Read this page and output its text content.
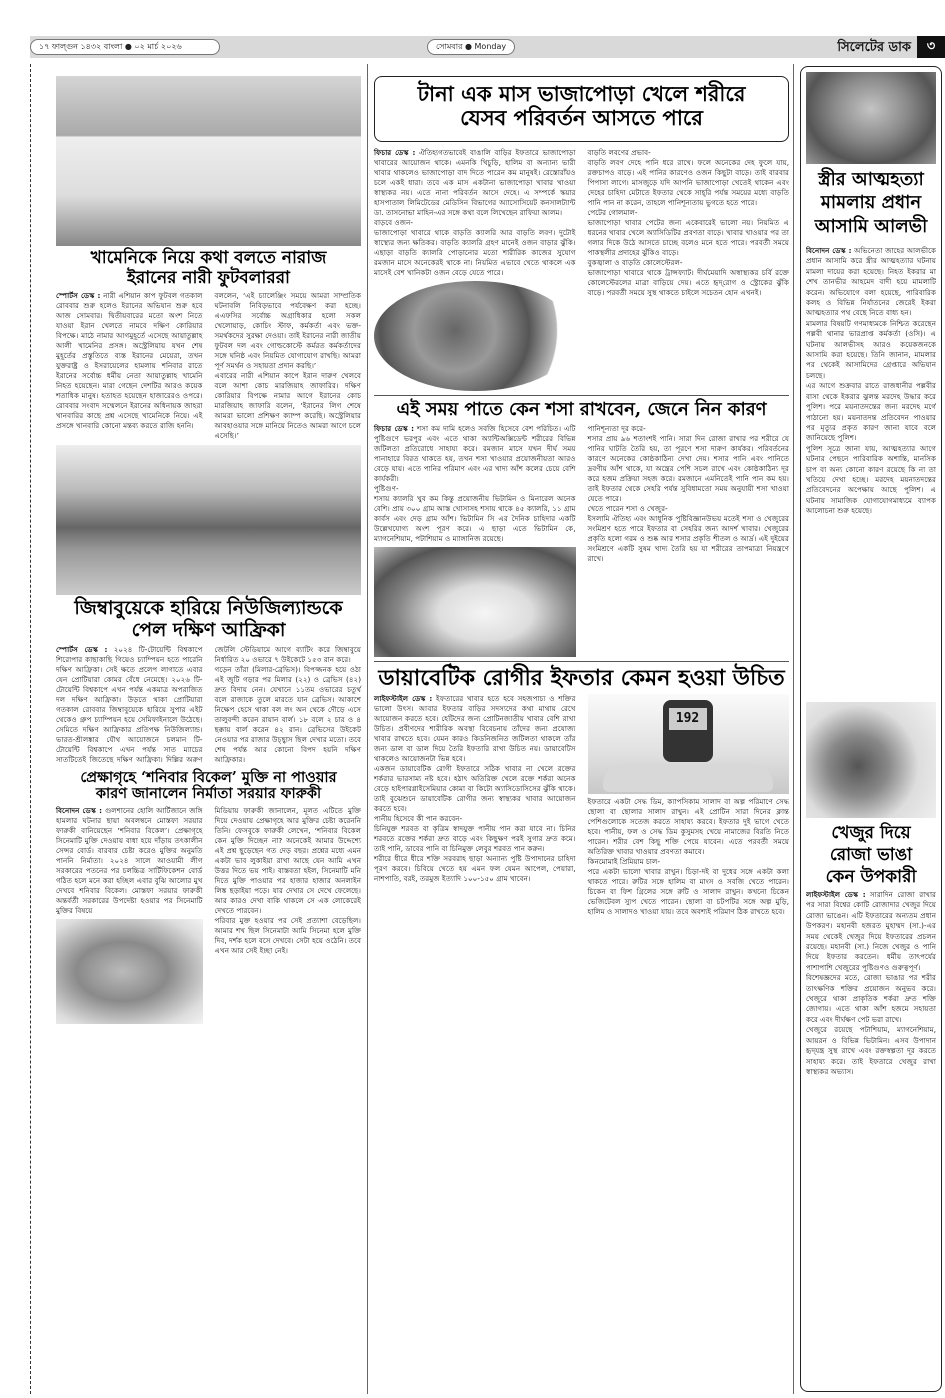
১৭ ফাল্গুন ১৪৩২ বাংলা ● ০২ মার্চ ২০২৬	সোমবার ● Monday	সিলেটের ডাক	৩
খামেনিকে নিয়ে কথা বলতে নারাজ
ইরানের নারী ফুটবলাররা

স্পোর্টস ডেস্ক : নারী এশিয়ান কাপ ফুটবল গতকাল রোববার শুরু হলেও ইরানের অভিযান শুরু হবে আজ সোমবার। দ্বিতীয়বারের মতো অংশ নিতে যাওয়া ইরান খেলতে নামবে দক্ষিণ কোরিয়ার বিপক্ষে। মাঠে নামার আগমুহূর্তে এসেছে আয়াতুল্লাহ আলী খামেনির প্রসঙ্গ। অস্ট্রেলিয়ায় যখন শেষ মুহূর্তের প্রস্তুতিতে ব্যস্ত ইরানের মেয়েরা, তখন যুক্তরাষ্ট্র ও ইসরায়েলের হামলায় শনিবার রাতে ইরানের সর্বোচ্চ ধর্মীয় নেতা আয়াতুল্লাহ খামেনি নিহত হয়েছেন। মারা গেছেন দেশটির আরও কয়েক শতাধিক মানুষ। হতাহত হয়েছেন হাজারেরও ওপরে। রোববার সংবাদ সম্মেলনে ইরানের অধিনায়ক জাহরা খানবারির কাছে প্রশ্ন এসেছে খামেনিকে নিয়ে। এই প্রসঙ্গে খানবারি কোনো মন্তব্য করতে রাজি হননি।

বললেন, ‘এই চ্যালেঞ্জিং সময়ে আমরা সাম্প্রতিক ঘটনাবলি নিবিড়ভাবে পর্যবেক্ষণ করা হচ্ছে। এএফসির সর্বোচ্চ অগ্রাধিকার হলো সকল খেলোয়াড়, কোচিং স্টাফ, কর্মকর্তা এবং ভক্ত-সমর্থকদের সুরক্ষা দেওয়া। তাই ইরানের নারী জাতীয় ফুটবল দল এবং গোল্ডকোস্টে কর্মরত কর্মকর্তাদের সঙ্গে ঘনিষ্ঠ এবং নিয়মিত যোগাযোগ রাখছি। আমরা পূর্ণ সমর্থন ও সহায়তা প্রদান করছি।’

এবারের নারী এশিয়ান কাপে ইরান দারুণ খেলবে বলে আশা কোচ মারজিয়াহ জাফারির। দক্ষিণ কোরিয়ার বিপক্ষে নামার আগে ইরানের কোচ মারজিয়াহ জাফারি বলেন, ‘ইরানের লিগ শেষে আমরা ভালো প্রশিক্ষণ ক্যাম্প করেছি। অস্ট্রেলিয়ার আবহাওয়ার সঙ্গে মানিয়ে নিতেও আমরা আগে চলে এসেছি।’

জিম্বাবুয়েকে হারিয়ে নিউজিল্যান্ডকে
পেল দক্ষিণ আফ্রিকা

স্পোর্টস ডেস্ক : ২০২৪ টি-টোয়েন্টি বিশ্বকাপে শিরোপার কাছাকাছি গিয়েও চ্যাম্পিয়ন হতে পারেনি দক্ষিণ আফ্রিকা। সেই ক্ষতে প্রলেপ লাগাতে এবার যেন প্রোটিয়ারা কোমর বেঁধে নেমেছে। ২০২৬ টি-টোয়েন্টি বিশ্বকাপে এখন পর্যন্ত একমাত্র অপরাজিত দল দক্ষিণ আফ্রিকা। উড়তে থাকা প্রোটিয়ারা গতকাল রোববার জিম্বাবুয়েকে হারিয়ে সুপার এইট থেকেও গ্রুপ চ্যাম্পিয়ন হয়ে সেমিফাইনালে উঠেছে। সেমিতে দক্ষিণ আফ্রিকার প্রতিপক্ষ নিউজিল্যান্ড। ভারত-শ্রীলঙ্কার যৌথ আয়োজনে চলমান টি-টোয়েন্টি বিশ্বকাপে এখন পর্যন্ত সাত ম্যাচের সাতটিতেই জিতেছে দক্ষিণ আফ্রিকা। দিল্লির অরুণ জেটলি স্টেডিয়ামে আগে ব্যাটিং করে জিম্বাবুয়ে নির্ধারিত ২০ ওভারে ৭ উইকেটে ১৫৩ রান করে।

গড়েন তাঁরা (মিলার-ব্রেভিস)। বিপজ্জনক হয়ে ওঠা এই জুটি গড়ার পর মিলার (২২) ও ব্রেভিস (৪২) দ্রুত বিদায় নেন। যেখানে ১১তম ওভারের চতুর্থ বলে রাজাকে তুলে মারতে যান ব্রেভিস। আকাশে নিক্ষেপ হেসে থাকা বল লং অন থেকে দৌড়ে এসে তালুবন্দী করেন রায়ান বার্ল। ১৮ বলে ২ চার ও ৪ ছক্কায় বার্ল করেন ৪২ রান। ব্রেভিসের উইকেট নেওয়ার পর রাজার উচ্ছ্বাস ছিল দেখার মতো। তবে শেষ পর্যন্ত আর কোনো বিপদ হয়নি দক্ষিণ আফ্রিকার।

প্রেক্ষাগৃহে ‘শনিবার বিকেল’ মুক্তি না পাওয়ার
কারণ জানালেন নির্মাতা সরয়ার ফারুকী

বিনোদন ডেস্ক : গুলশানের হোলি আর্টিজানে জঙ্গি হামলার ঘটনার ছায়া অবলম্বনে মোস্তফা সরয়ার ফারুকী বানিয়েছেন ‘শনিবার বিকেল’। প্রেক্ষাগৃহে সিনেমাটি মুক্তি দেওয়ায় বাধা হয়ে দাঁড়ায় তৎকালীন সেন্সর বোর্ড। বারবার চেষ্টা করেও মুক্তির অনুমতি পাননি নির্মাতা। ২০২৪ সালে আওয়ামী লীগ সরকারের পতনের পর চলচ্চিত্র সার্টিফিকেশন বোর্ড গঠিত হলে মনে করা হচ্ছিল এবার বুঝি আলোর মুখ দেখবে শনিবার বিকেল। মোস্তফা সরয়ার ফারুকী অন্তর্বর্তী সরকারের উপদেষ্টা হওয়ার পর সিনেমাটি মুক্তির বিষয়ে

মিডিয়ায় ফারুকী জানালেন, মূলত এটিতে মুক্তি দিয়ে দেওয়ায় প্রেক্ষাগৃহে আর মুক্তির চেষ্টা করেননি তিনি। ফেসবুকে ফারুকী লেখেন, ‘শনিবার বিকেল কেন মুক্তি দিচ্ছেন না? অনেকেই আমার উদ্দেশ্যে এই প্রশ্ন ছুড়েছেন গত দেড় বছর। প্রশ্নের মধ্যে এমন একটা ভাব লুকাইয়া রাখা আছে যেন আমি এখন উত্তর দিতে ভয় পাই। বাস্তবতা হইল, সিনেমাটি মনি দিতে মুক্তি পাওয়ার পর হাজার হাজার অনলাইন লিঙ্ক ছড়াইয়া পড়ে। যার দেখার সে দেখে ফেলেছে। আর কারও দেখা বাকি থাকলে সে এক লোকেরেই দেখতে পারবেন।

পরিবার মুক্ত হওয়ার পর সেই প্রত্যাশা বেড়েছিল। আমার শখ ছিল সিনেমাটা আমি সিনেমা হলে মুক্তি দিব, দর্শক হলে বসে দেখবে। সেটা হয়ে ওঠেনি। তবে এখন আর সেই ইচ্ছা নেই।

টানা এক মাস ভাজাপোড়া খেলে শরীরে
যেসব পরিবর্তন আসতে পারে

ফিচার ডেস্ক : ঐতিহ্যগতভাবেই বাঙালি বাড়ির ইফতারে ভাজাপোড়া খাবারের আয়োজন থাকে। এমনকি খিচুড়ি, হালিম বা অন্যান্য ভারী খাবার থাকলেও ভাজাপোড়া বাদ দিতে পারেন কম মানুষই। রেস্তোরাঁয়ও চলে একই ধারা। তবে এক মাস একটানা ভাজাপোড়া খাবার খাওয়া স্বাস্থ্যকর নয়। এতে নানা পরিবর্তন আসে দেহে। এ সম্পর্কে স্কয়ার হাসপাতাল লিমিটেডের মেডিসিন বিভাগের অ্যাসোসিয়েট কনসালট্যান্ট ডা. তাসনোভা মাহিন-এর সঙ্গে কথা বলে লিখেছেন রাফিয়া আলম।

বাড়বে ওজন-

ভাজাপোড়া খাবারে থাকে বাড়তি ক্যালরি আর বাড়তি লবণ। দুটোই স্বাস্থ্যের জন্য ক্ষতিকর। বাড়তি ক্যালরি গ্রহণ মানেই ওজন বাড়ার ঝুঁকি। এছাড়া বাড়তি ক্যালরি পোড়ানোর মতো শারীরিক কাজের সুযোগ রমজান মাসে অনেকেরই থাকে না। নিয়মিত এভাবে খেতে থাকলে এক মাসেই বেশ খানিকটা ওজন বেড়ে যেতে পারে।

বাড়তি লবণের প্রভাব-

বাড়তি লবণ দেহে পানি ধরে রাখে। ফলে অনেকের দেহ ফুলে যায়, রক্তচাপও বাড়ে। এই পানির কারণেও ওজন কিছুটা বাড়ে। তাই বারবার পিপাসা লাগে। মাসজুড়ে যদি আপনি ভাজাপোড়া খেতেই থাকেন এবং দেহের চাহিদা মেটাতে ইফতার থেকে সাহ্‌রি পর্যন্ত সময়ের মধ্যে বাড়তি পানি পান না করেন, তাহলে পানিশূন্যতায় ভুগতে হতে পারে।

পেটের গোলমাল-

ভাজাপোড়া খাবার পেটের জন্য একেবারেই ভালো নয়। নিয়মিত এ ধরনের খাবার খেলে অ্যাসিডিটির প্রবণতা বাড়ে। খাবার খাওয়ার পর তা গলার দিকে উঠে আসতে চাচ্ছে বলেও মনে হতে পারে। পরবর্তী সময়ে পাকস্থলীর প্রদাহের ঝুঁকিও বাড়ে।

বুকজ্বালা ও বাড়তি কোলেস্টেরল-

ভাজাপোড়া খাবারে থাকে ট্রান্সফ্যাট। দীর্ঘমেয়াদি অস্বাস্থ্যকর চর্বি রক্তে কোলেস্টেরলের মাত্রা বাড়িয়ে দেয়। এতে হৃদ্‌রোগ ও স্ট্রোকের ঝুঁকি বাড়ে। পরবর্তী সময়ে সুস্থ থাকতে চাইলে সচেতন হোন এখনই।

এই সময় পাতে কেন শসা রাখবেন, জেনে নিন কারণ

ফিচার ডেস্ক : শসা কম দামি হলেও সবজি হিসেবে বেশ পরিচিত। এটি পুষ্টিগুণে ভরপুর এবং এতে থাকা অ্যান্টিঅক্সিডেন্ট শরীরের বিভিন্ন জটিলতা প্রতিরোধে সাহায্য করে। রমজান মাসে যখন দীর্ঘ সময় পানাহারে বিরত থাকতে হয়, তখন শসা খাওয়ার প্রয়োজনীয়তা আরও বেড়ে যায়। এতে পানির পরিমাণ এবং এর খাদ্য আঁশ কলের চেয়ে বেশি কার্যকরী।

পুষ্টিগুণ-

শসায় ক্যালরি খুব কম কিন্তু প্রয়োজনীয় ভিটামিন ও মিনারেল অনেক বেশি। প্রায় ৩০০ গ্রাম আস্ত খোসাসহ শসায় থাকে ৪৫ ক্যালরি, ১১ গ্রাম কার্বস এবং দেড় গ্রাম আঁশ। ভিটামিন সি এর দৈনিক চাহিদার একটি উল্লেখযোগ্য অংশ পূরণ করে। এ ছাড়া এতে ভিটামিন কে, ম্যাগনেশিয়াম, পটাশিয়াম ও ম্যাঙ্গানিজ রয়েছে।

পানিশূন্যতা দূর করে-

শসার প্রায় ৯৬ শতাংশই পানি। সারা দিন রোজা রাখার পর শরীরে যে পানির ঘাটতি তৈরি হয়, তা পূরণে শসা দারুণ কার্যকর। পরিবর্তনের কারণে অনেকের কোষ্ঠকাঠিন্য দেখা দেয়। শসার পানি এবং পানিতে দ্রবণীয় আঁশ থাকে, যা অন্ত্রের পেশি সচল রাখে এবং কোষ্ঠকাঠিন্য দূর করে হজম প্রক্রিয়া সহজ করে। রমজানে এমনিতেই পানি পান কম হয়। তাই ইফতার থেকে সেহরি পর্যন্ত সুবিধামতো সময় অনুযায়ী শসা খাওয়া যেতে পারে।

খেতে পারেন শসা ও খেজুর-

ইসলামি ঐতিহ্য এবং আধুনিক পুষ্টিবিজ্ঞানউভয় মতেই শসা ও খেজুরের সংমিশ্রণ হতে পারে ইফতার বা সেহরির জন্য আদর্শ খাবার। খেজুরের প্রকৃতি হলো গরম ও শুষ্ক আর শসার প্রকৃতি শীতল ও আর্দ্র। এই দুইয়ের সংমিশ্রণে একটি সুষম খাদ্য তৈরি হয় যা শরীরের তাপমাত্রা নিয়ন্ত্রণে রাখে।

ডায়াবেটিক রোগীর ইফতার কেমন হওয়া উচিত

লাইফস্টাইল ডেস্ক : ইফতারের খাবার হতে হবে সহজপাচ্য ও শক্তির ভালো উৎস। আবার ইফতার বাড়ির সদস্যদের কথা মাথায় রেখে আয়োজন করতে হবে। হেটিদের জন্য প্রোটিনজাতীয় খাবার বেশি রাখা উচিত। প্রবীণদের শারীরিক অবস্থা বিবেচনায় তাঁদের জন্য প্রযোজ্য খাবার রাখতে হবে। যেমন কারও কিডনিজনিত জটিলতা থাকলে তাঁর জন্য ডাল বা ডাল দিয়ে তৈরি ইফতারি রাখা উচিত নয়। ডায়াবেটিস থাকলেও আয়োজনটা ভিন্ন হবে।

একজন ডায়াবেটিক রোগী ইফতারে সঠিক খাবার না খেলে রক্তের শর্করার ভারসাম্য নষ্ট হবে। হঠাৎ অতিরিক্ত খেলে রক্তে শর্করা অনেক বেড়ে হাইপারগ্লাইসেমিয়ার কোমা বা কিটো অ্যাসিডোসিসের ঝুঁকি থাকে। তাই বুঝেশুনে ডায়াবেটিক রোগীর জন্য স্বাস্থ্যকর খাবার আয়োজন করতে হবে।

পানীয় হিসেবে কী পান করবেন-

চিনিযুক্ত শরবত বা কৃত্রিম স্বাদযুক্ত পানীয় পান করা যাবে না। চিনির শরবতে রক্তের শর্করা দ্রুত বাড়ে এবং কিছুক্ষণ পরই সুগার দ্রুত কমে। তাই পানি, ডাবের পানি বা চিনিমুক্ত লেবুর শরবত পান করুন।

শরীরে ধীরে ধীরে শক্তি সরবরাহ ছাড়া অন্যান্য পুষ্টি উপাদানের চাহিদা পূরণ করবে। চিবিয়ে খেতে হয় এমন ফল যেমন আপেল, পেয়ারা, নাশপাতি, বরই, তরমুজ ইত্যাদি ১০০-১৫০ গ্রাম খাবেন।

192

ইফতারে একটা সেদ্ধ ডিম, ক্যাপসিকাম সালাদ বা অল্প পরিমাণে সেদ্ধ ছোলা বা ছোলার সালাদ রাখুন। এই প্রোটিন সারা দিনের ক্লান্ত পেশিগুলোকে সতেজ করতে সাহায্য করবে। ইফতার দুই ভাগে খেতে হবে। পানীয়, ফল ও সেদ্ধ ডিম কুসুমসহ খেয়ে নামাজের বিরতি নিতে পারেন। শরীর বেশ কিছু শক্তি পেয়ে যাবেন। এতে পরবর্তী সময়ে অতিরিক্ত খাবার খাওয়ার প্রবণতা কমাবে।

কিনমোমাই প্রিমিয়াম চাল-

পরে একটা ভালো খাবার রাখুন। চিড়া-দই বা দুধের সঙ্গে একটা কলা থাকতে পারে। রুটির সঙ্গে হালিম বা মাংস ও সবজি খেতে পারেন। চিকেন বা ফিশ গ্রিলের সঙ্গে রুটি ও সালাদ রাখুন। কখনো চিকেন ভেজিটেবল স্যুপ খেতে পারেন। ছোলা বা চটপটির সঙ্গে অল্প মুড়ি, হালিম ও সালাদও খাওয়া যায়। তবে অবশ্যই পরিমাণ ঠিক রাখতে হবে।

স্ত্রীর আত্মহত্যা
মামলায় প্রধান
আসামি আলভী

বিনোদন ডেস্ক : অভিনেতা জাহের আলভীকে প্রধান আসামি করে স্ত্রীর আত্মহত্যার ঘটনায় মামলা দায়ের করা হয়েছে। নিহত ইকরার মা শেখ তানভীর আহমেদ বাদী হয়ে মামলাটি করেন। অভিযোগে বলা হয়েছে, পারিবারিক কলহ ও বিভিন্ন নির্যাতনের জেরেই ইকরা আত্মহত্যার পথ বেছে নিতে বাধ্য হন।

মামলার বিষয়টি গণমাধ্যমকে নিশ্চিত করেছেন পল্লবী থানার ভারপ্রাপ্ত কর্মকর্তা (ওসি)। এ ঘটনায় আলভীসহ আরও কয়েকজনকে আসামি করা হয়েছে। তিনি জানান, মামলার পর থেকেই আসামিদের গ্রেপ্তারে অভিযান চলছে।

এর আগে শুক্রবার রাতে রাজধানীর পল্লবীর বাসা থেকে ইকরার ঝুলন্ত মরদেহ উদ্ধার করে পুলিশ। পরে ময়নাতদন্তের জন্য মরদেহ মর্গে পাঠানো হয়। ময়নাতদন্ত প্রতিবেদন পাওয়ার পর মৃত্যুর প্রকৃত কারণ জানা যাবে বলে জানিয়েছে পুলিশ।

পুলিশ সূত্রে জানা যায়, আত্মহত্যার আগে ঘটনার পেছনে পারিবারিক অশান্তি, মানসিক চাপ বা অন্য কোনো কারণ রয়েছে কি না তা খতিয়ে দেখা হচ্ছে। মরদেহ ময়নাতদন্তের প্রতিবেদনের অপেক্ষায় আছে পুলিশ। এ ঘটনায় সামাজিক যোগাযোগমাধ্যমে ব্যাপক আলোচনা শুরু হয়েছে।

খেজুর দিয়ে
রোজা ভাঙা
কেন উপকারী

লাইফস্টাইল ডেস্ক : সারাদিন রোজা রাখার পর সারা বিশ্বের কোটি রোজাদার খেজুর দিয়ে রোজা ভাঙেন। এটি ইফতারের অন্যতম প্রধান উপকরণ। মহানবী হজরত মুহাম্মদ (সা.)-এর সময় থেকেই খেজুর দিয়ে ইফতারের প্রচলন রয়েছে। মহানবী (সা.) নিজে খেজুর ও পানি দিয়ে ইফতার করতেন। ধর্মীয় তাৎপর্যের পাশাপাশি খেজুরের পুষ্টিগুণও গুরুত্বপূর্ণ।

বিশেষজ্ঞদের মতে, রোজা ভাঙার পর শরীর তাৎক্ষণিক শক্তির প্রয়োজন অনুভব করে। খেজুরে থাকা প্রাকৃতিক শর্করা দ্রুত শক্তি জোগায়। এতে থাকা আঁশ হজমে সহায়তা করে এবং দীর্ঘক্ষণ পেট ভরা রাখে।

খেজুরে রয়েছে পটাশিয়াম, ম্যাগনেশিয়াম, আয়রন ও বিভিন্ন ভিটামিন। এসব উপাদান হৃদ্‌যন্ত্র সুস্থ রাখে এবং রক্তস্বল্পতা দূর করতে সাহায্য করে। তাই ইফতারে খেজুর রাখা স্বাস্থ্যকর অভ্যাস।
